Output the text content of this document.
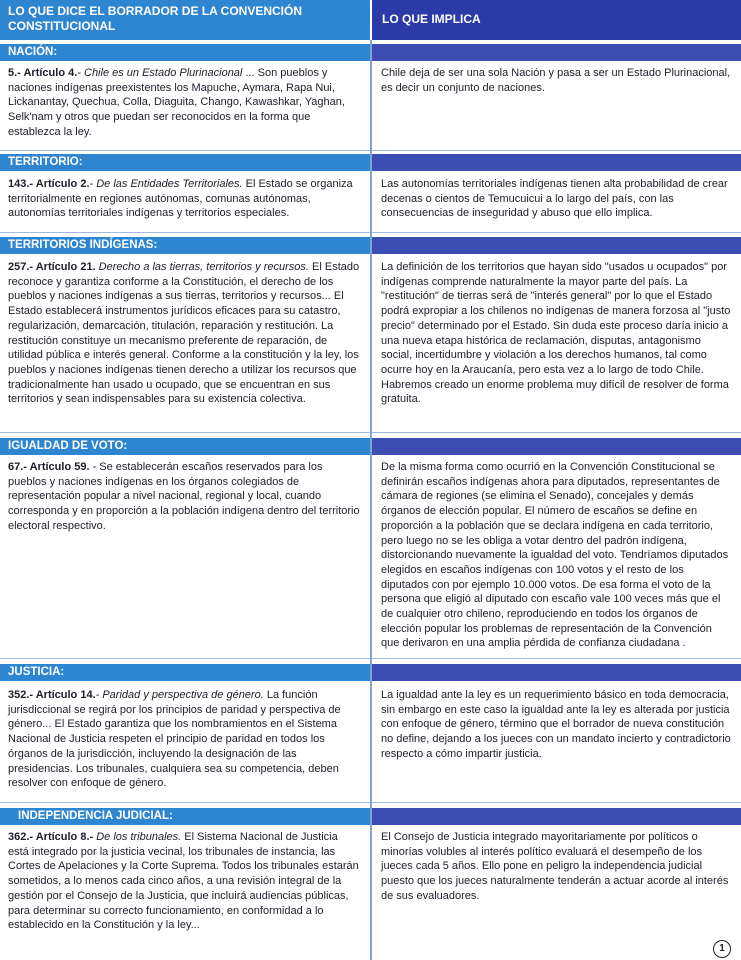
LO QUE DICE EL BORRADOR DE LA CONVENCIÓN CONSTITUCIONAL	LO QUE IMPLICA
NACIÓN:
5.- Artículo 4.- Chile es un Estado Plurinacional ... Son pueblos y naciones indígenas preexistentes los Mapuche, Aymara, Rapa Nui, Lickanantay, Quechua, Colla, Diaguita, Chango, Kawashkar, Yaghan, Selk'nam y otros que puedan ser reconocidos en la forma que establezca la ley.
Chile deja de ser una sola Nación y pasa a ser un Estado Plurinacional, es decir un conjunto de naciones.
TERRITORIO:
143.- Artículo 2.- De las Entidades Territoriales. El Estado se organiza territorialmente en regiones autónomas, comunas autónomas, autonomías territoriales indígenas y territorios especiales.
Las autonomías territoriales indígenas tienen alta probabilidad de crear decenas o cientos de Temucuicui a lo largo del país, con las consecuencias de inseguridad y abuso que ello implica.
TERRITORIOS INDÍGENAS:
257.- Artículo 21. Derecho a las tierras, territorios y recursos. El Estado reconoce y garantiza conforme a la Constitución, el derecho de los pueblos y naciones indígenas a sus tierras, territorios y recursos... El Estado establecerá instrumentos jurídicos eficaces para su catastro, regularización, demarcación, titulación, reparación y restitución. La restitución constituye un mecanismo preferente de reparación, de utilidad pública e interés general. Conforme a la constitución y la ley, los pueblos y naciones indígenas tienen derecho a utilizar los recursos que tradicionalmente han usado u ocupado, que se encuentran en sus territorios y sean indispensables para su existencia colectiva.
La definición de los territorios que hayan sido "usados u ocupados" por indígenas comprende naturalmente la mayor parte del país. La "restitución" de tierras será de "interés general" por lo que el Estado podrá expropiar a los chilenos no indígenas de manera forzosa al "justo precio" determinado por el Estado. Sin duda este proceso daría inicio a una nueva etapa histórica de reclamación, disputas, antagonismo social, incertidumbre y violación a los derechos humanos, tal como ocurre hoy en la Araucanía, pero esta vez a lo largo de todo Chile. Habremos creado un enorme problema muy difícil de resolver de forma gratuita.
IGUALDAD DE VOTO:
67.- Artículo 59. - Se establecerán escaños reservados para los pueblos y naciones indígenas en los órganos colegiados de representación popular a nivel nacional, regional y local, cuando corresponda y en proporción a la población indígena dentro del territorio electoral respectivo.
De la misma forma como ocurrió en la Convención Constitucional se definirán escaños indígenas ahora para diputados, representantes de cámara de regiones (se elimina el Senado), concejales y demás órganos de elección popular. El número de escaños se define en proporción a la población que se declara indígena en cada territorio, pero luego no se les obliga a votar dentro del padrón indígena, distorcionando nuevamente la igualdad del voto. Tendríamos diputados elegidos en escaños indígenas con 100 votos y el resto de los diputados con por ejemplo 10.000 votos. De esa forma el voto de la persona que eligió al diputado con escaño vale 100 veces más que el de cualquier otro chileno, reproduciendo en todos los órganos de elección popular los problemas de representación de la Convención que derivaron en una amplia pérdida de confianza ciudadana .
JUSTICIA:
352.- Artículo 14.- Paridad y perspectiva de género. La función jurisdiccional se regirá por los principios de paridad y perspectiva de género... El Estado garantiza que los nombramientos en el Sistema Nacional de Justicia respeten el principio de paridad en todos los órganos de la jurisdicción, incluyendo la designación de las presidencias. Los tribunales, cualquiera sea su competencia, deben resolver con enfoque de género.
La igualdad ante la ley es un requerimiento básico en toda democracia, sin embargo en este caso la igualdad ante la ley es alterada por justicia con enfoque de género, término que el borrador de nueva constitución no define, dejando a los jueces con un mandato incierto y contradictorio respecto a cómo impartir justicia.
INDEPENDENCIA JUDICIAL:
362.- Artículo 8.- De los tribunales. El Sistema Nacional de Justicia está integrado por la justicia vecinal, los tribunales de instancia, las Cortes de Apelaciones y la Corte Suprema. Todos los tribunales estarán sometidos, a lo menos cada cinco años, a una revisión integral de la gestión por el Consejo de la Justicia, que incluirá audiencias públicas, para determinar su correcto funcionamiento, en conformidad a lo establecido en la Constitución y la ley...
El Consejo de Justicia integrado mayoritariamente por políticos o minorías volubles al interés político evaluará el desempeño de los jueces cada 5 años. Ello pone en peligro la independencia judicial puesto que los jueces naturalmente tenderán a actuar acorde al interés de sus evaluadores.
1
